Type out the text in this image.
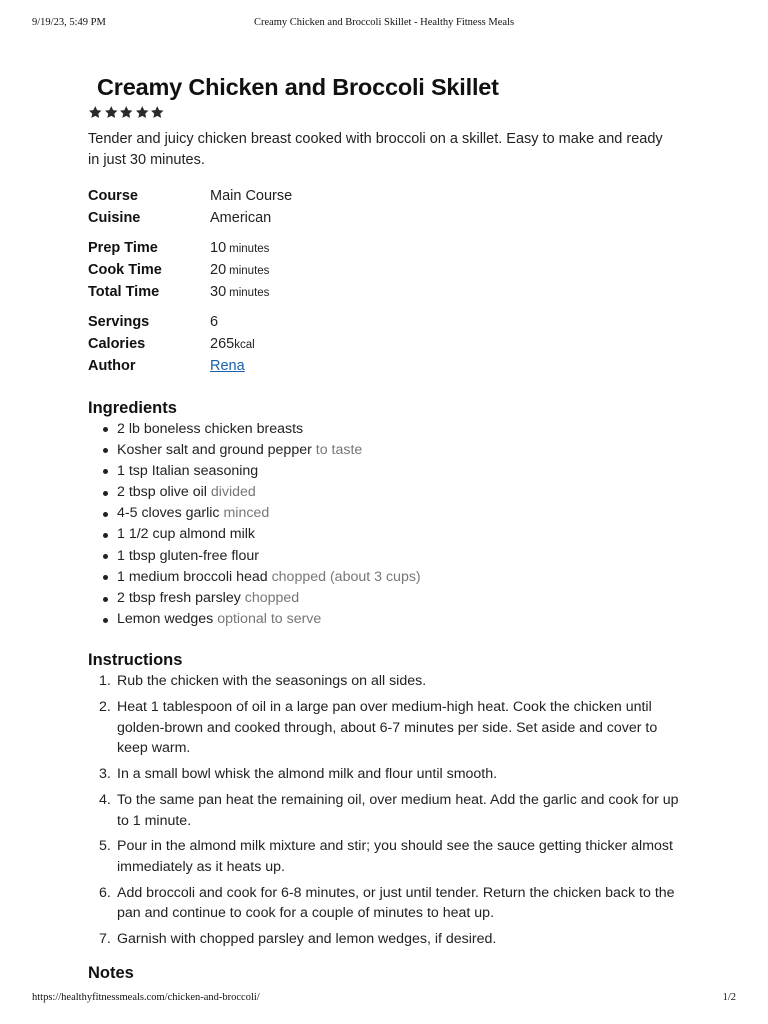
9/19/23, 5:49 PM	Creamy Chicken and Broccoli Skillet - Healthy Fitness Meals
Creamy Chicken and Broccoli Skillet
Tender and juicy chicken breast cooked with broccoli on a skillet. Easy to make and ready in just 30 minutes.
Course	Main Course
Cuisine	American

Prep Time	10 minutes
Cook Time	20 minutes
Total Time	30 minutes

Servings	6
Calories	265kcal
Author	Rena
Ingredients
2 lb boneless chicken breasts
Kosher salt and ground pepper to taste
1 tsp Italian seasoning
2 tbsp olive oil divided
4-5 cloves garlic minced
1 1/2 cup almond milk
1 tbsp gluten-free flour
1 medium broccoli head chopped (about 3 cups)
2 tbsp fresh parsley chopped
Lemon wedges optional to serve
Instructions
1. Rub the chicken with the seasonings on all sides.
2. Heat 1 tablespoon of oil in a large pan over medium-high heat. Cook the chicken until golden-brown and cooked through, about 6-7 minutes per side. Set aside and cover to keep warm.
3. In a small bowl whisk the almond milk and flour until smooth.
4. To the same pan heat the remaining oil, over medium heat. Add the garlic and cook for up to 1 minute.
5. Pour in the almond milk mixture and stir; you should see the sauce getting thicker almost immediately as it heats up.
6. Add broccoli and cook for 6-8 minutes, or just until tender. Return the chicken back to the pan and continue to cook for a couple of minutes to heat up.
7. Garnish with chopped parsley and lemon wedges, if desired.
Notes
https://healthyfitnessmeals.com/chicken-and-broccoli/	1/2
